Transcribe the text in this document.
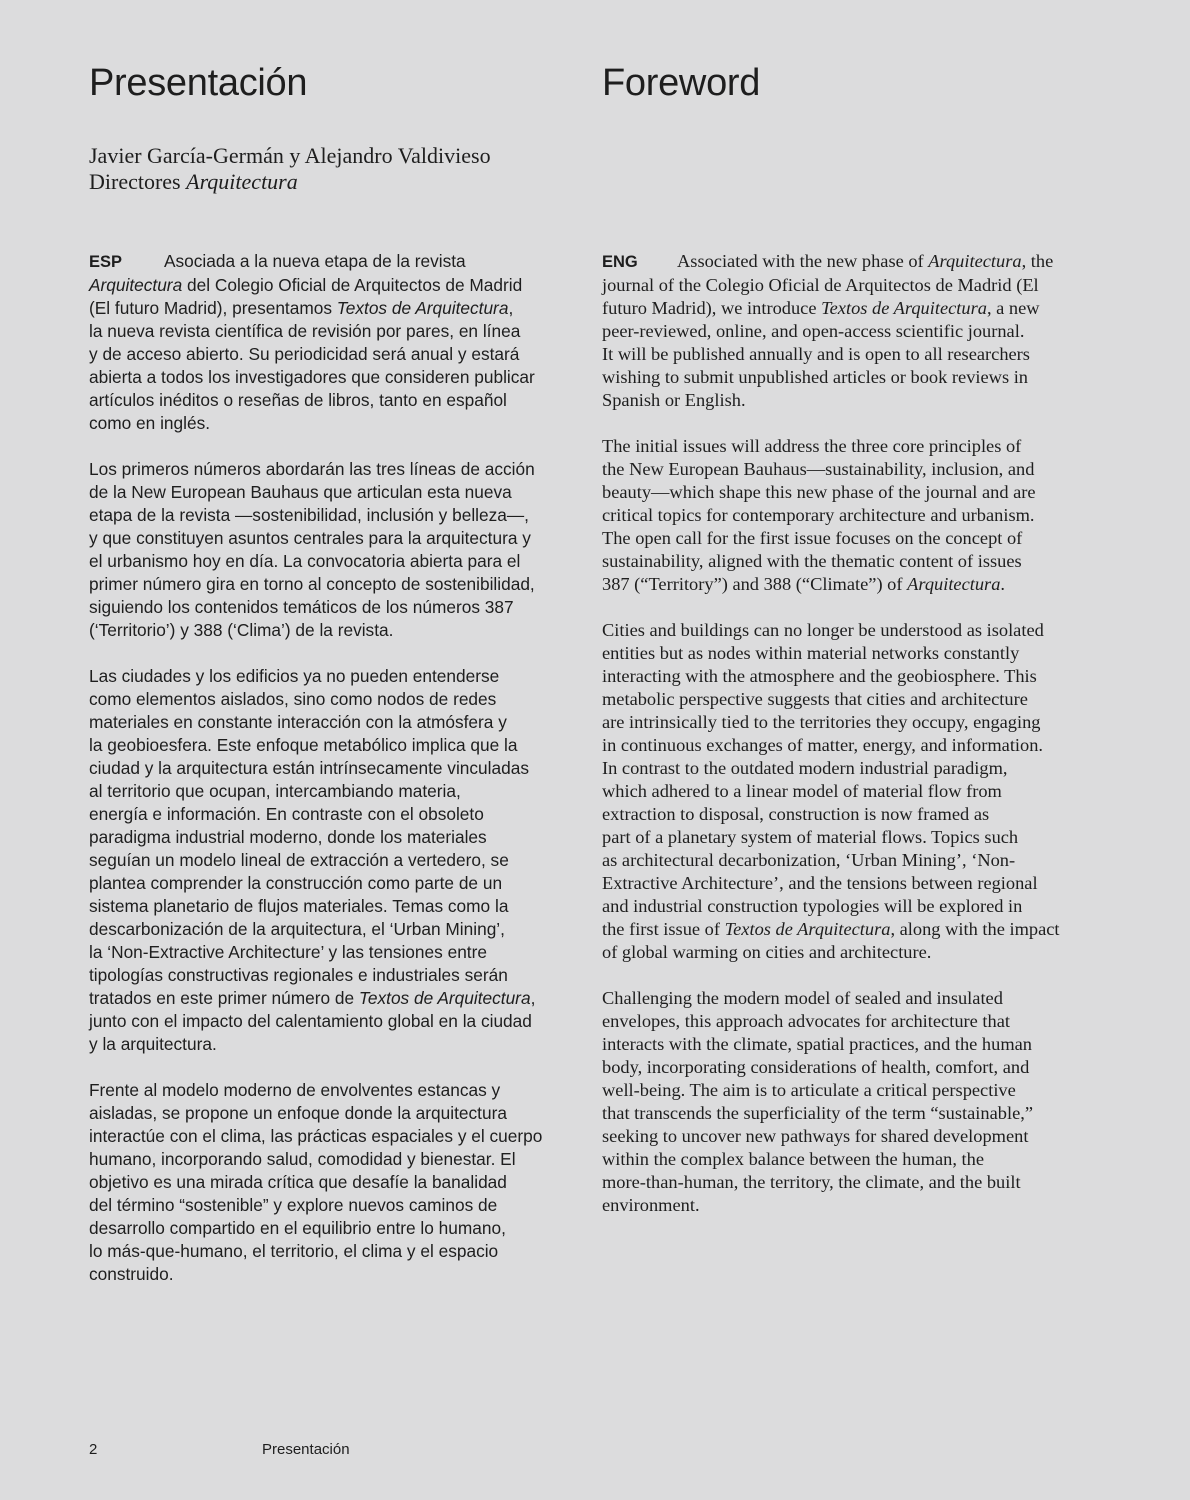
Presentación	Foreword
Javier García-Germán y Alejandro Valdivieso
Directores Arquitectura

ESP Asociada a la nueva etapa de la revista
Arquitectura del Colegio Oficial de Arquitectos de Madrid
(El futuro Madrid), presentamos Textos de Arquitectura,
la nueva revista científica de revisión por pares, en línea
y de acceso abierto. Su periodicidad será anual y estará
abierta a todos los investigadores que consideren publicar
artículos inéditos o reseñas de libros, tanto en español
como en inglés.

Los primeros números abordarán las tres líneas de acción
de la New European Bauhaus que articulan esta nueva
etapa de la revista —sostenibilidad, inclusión y belleza—,
y que constituyen asuntos centrales para la arquitectura y
el urbanismo hoy en día. La convocatoria abierta para el
primer número gira en torno al concepto de sostenibilidad,
siguiendo los contenidos temáticos de los números 387
(‘Territorio’) y 388 (‘Clima’) de la revista.

Las ciudades y los edificios ya no pueden entenderse
como elementos aislados, sino como nodos de redes
materiales en constante interacción con la atmósfera y
la geobioesfera. Este enfoque metabólico implica que la
ciudad y la arquitectura están intrínsecamente vinculadas
al territorio que ocupan, intercambiando materia,
energía e información. En contraste con el obsoleto
paradigma industrial moderno, donde los materiales
seguían un modelo lineal de extracción a vertedero, se
plantea comprender la construcción como parte de un
sistema planetario de flujos materiales. Temas como la
descarbonización de la arquitectura, el ‘Urban Mining’,
la ‘Non-Extractive Architecture’ y las tensiones entre
tipologías constructivas regionales e industriales serán
tratados en este primer número de Textos de Arquitectura,
junto con el impacto del calentamiento global en la ciudad
y la arquitectura.

Frente al modelo moderno de envolventes estancas y
aisladas, se propone un enfoque donde la arquitectura
interactúe con el clima, las prácticas espaciales y el cuerpo
humano, incorporando salud, comodidad y bienestar. El
objetivo es una mirada crítica que desafíe la banalidad
del término “sostenible” y explore nuevos caminos de
desarrollo compartido en el equilibrio entre lo humano,
lo más-que-humano, el territorio, el clima y el espacio
construido.

ENG Associated with the new phase of Arquitectura, the
journal of the Colegio Oficial de Arquitectos de Madrid (El
futuro Madrid), we introduce Textos de Arquitectura, a new
peer-reviewed, online, and open-access scientific journal.
It will be published annually and is open to all researchers
wishing to submit unpublished articles or book reviews in
Spanish or English.

The initial issues will address the three core principles of
the New European Bauhaus—sustainability, inclusion, and
beauty—which shape this new phase of the journal and are
critical topics for contemporary architecture and urbanism.
The open call for the first issue focuses on the concept of
sustainability, aligned with the thematic content of issues
387 (“Territory”) and 388 (“Climate”) of Arquitectura.

Cities and buildings can no longer be understood as isolated
entities but as nodes within material networks constantly
interacting with the atmosphere and the geobiosphere. This
metabolic perspective suggests that cities and architecture
are intrinsically tied to the territories they occupy, engaging
in continuous exchanges of matter, energy, and information.
In contrast to the outdated modern industrial paradigm,
which adhered to a linear model of material flow from
extraction to disposal, construction is now framed as
part of a planetary system of material flows. Topics such
as architectural decarbonization, ‘Urban Mining’, ‘Non-
Extractive Architecture’, and the tensions between regional
and industrial construction typologies will be explored in
the first issue of Textos de Arquitectura, along with the impact
of global warming on cities and architecture.

Challenging the modern model of sealed and insulated
envelopes, this approach advocates for architecture that
interacts with the climate, spatial practices, and the human
body, incorporating considerations of health, comfort, and
well-being. The aim is to articulate a critical perspective
that transcends the superficiality of the term “sustainable,”
seeking to uncover new pathways for shared development
within the complex balance between the human, the
more-than-human, the territory, the climate, and the built
environment.

2	Presentación
